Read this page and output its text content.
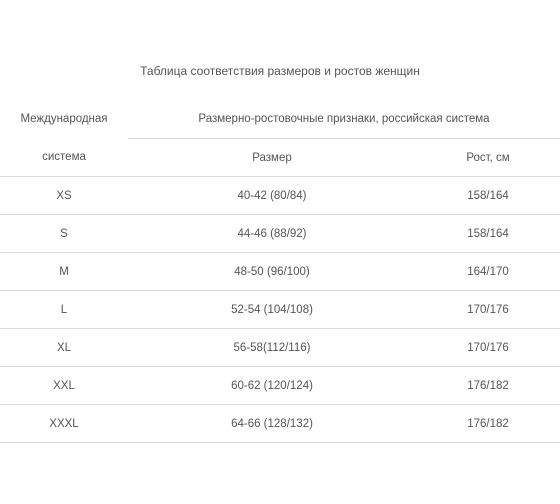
Таблица соответствия размеров и ростов женщин
Международная	Размерно-ростовочные признаки, российская система	
система	Размер	Рост, см
XS	40-42 (80/84)	158/164
S	44-46 (88/92)	158/164
M	48-50 (96/100)	164/170
L	52-54 (104/108)	170/176
XL	56-58(112/116)	170/176
XXL	60-62 (120/124)	176/182
XXXL	64-66 (128/132)	176/182
